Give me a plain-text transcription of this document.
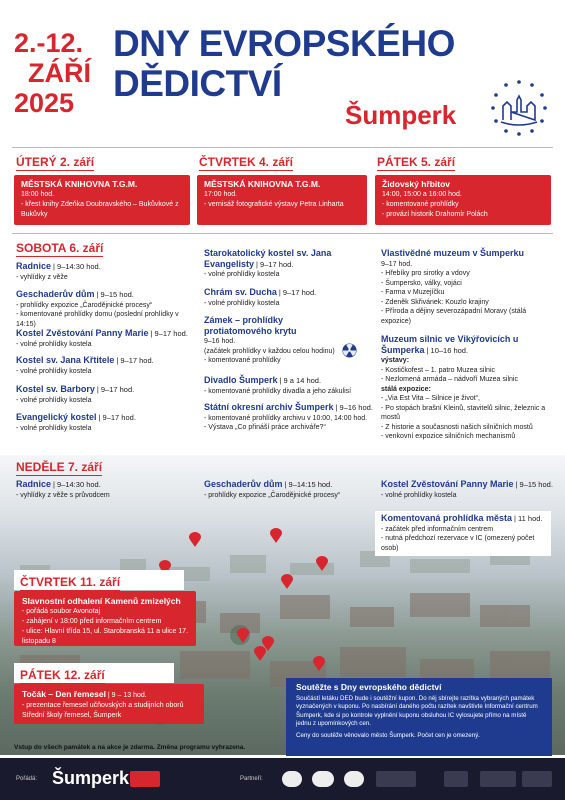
2.-12.
ZÁŘÍ
2025
DNY EVROPSKÉHO
DĚDICTVÍ
Šumperk
ÚTERÝ 2. září
MĚSTSKÁ KNIHOVNA T.G.M.
18:00 hod.
- křest knihy Zdeňka Doubravského – Bukůvkové z Bukůvky
ČTVRTEK 4. září
MĚSTSKÁ KNIHOVNA T.G.M.
17:00 hod.
- vernisáž fotografické výstavy Petra Linharta
PÁTEK 5. září
Židovský hřbitov
14:00, 15:00 a 16:00 hod.
- komentované prohlídky
- provází historik Drahomír Polách
SOBOTA 6. září
Radnice | 9–14:30 hod.
- vyhlídky z věže
Geschaderův dům | 9–15 hod.
- prohlídky expozice „Čarodějnické procesy“
- komentované prohlídky domu (poslední prohlídky v 14:15)
Kostel Zvěstování Panny Marie | 9–17 hod.
- volné prohlídky kostela
Kostel sv. Jana Křtitele | 9–17 hod.
- volné prohlídky kostela
Kostel sv. Barbory | 9–17 hod.
- volné prohlídky kostela
Evangelický kostel | 9–17 hod.
- volné prohlídky kostela
Starokatolický kostel sv. Jana Evangelisty | 9–17 hod.
- volné prohlídky kostela
Chrám sv. Ducha | 9–17 hod.
- volné prohlídky kostela
Zámek – prohlídky protiatomového krytu
9–16 hod.
(začátek prohlídky v každou celou hodinu)
- komentované prohlídky
Divadlo Šumperk | 9 a 14 hod.
- komentované prohlídky divadla a jeho zákulisí
Státní okresní archiv Šumperk | 9–16 hod.
- komentované prohlídky archivu v 10:00, 14:00 hod.
- Výstava „Co přináší práce archiváře?“
Vlastivědné muzeum v Šumperku
9–17 hod.
- Hřebíky pro sirotky a vdovy
- Šumpersko, války, vojáci
- Farma v Muzejíčku
- Zdeněk Skřivánek: Kouzlo krajiny
- Příroda a dějiny severozápadní Moravy (stálá expozice)
Muzeum silnic ve Vikýřovicích u Šumperka | 10–16 hod.
výstavy:
- Kostičkofest – 1. patro Muzea silnic
- Nezlomená armáda – nádvoří Muzea silnic
stálá expozice:
- „Via Est Vita – Silnice je život“,
- Po stopách brašní Kleinů, stavitelů silnic, železnic a mostů
- Z historie a současnosti našich silničních mostů
- venkovní expozice silničních mechanismů
NEDĚLE 7. září
Radnice | 9–14:30 hod.
- vyhlídky z věže s průvodcem
Geschaderův dům | 9–14:15 hod.
- prohlídky expozice „Čarodějnické procesy“
Kostel Zvěstování Panny Marie | 9–15 hod.
- volné prohlídky kostela
Komentovaná prohlídka města | 11 hod.
- začátek před informačním centrem
- nutná předchozí rezervace v IC (omezený počet osob)
ČTVRTEK 11. září
Slavnostní odhalení Kamenů zmizelých
- pořádá soubor Avonotaj
- zahájení v 18:00 před informačním centrem
- ulice: Hlavní třída 15, ul. Starobranská 11 a ulice 17. listopadu 8
PÁTEK 12. září
Točák – Den řemesel | 9 – 13 hod.
- prezentace řemesel učňovských a studijních oborů Střední školy řemesel, Šumperk
Soutěžte s Dny evropského dědictví
Součástí letáku DED bude i soutěžní kupon. Do něj sbírejte razítka vybraných památek vyznačených v kuponu. Po nasbírání daného počtu razítek navštivte Informační centrum Šumperk, kde si po kontrole vyplnění kuponu obsluhou IC vylosujete přímo na místě jednu z upomínkových cen.
Ceny do soutěže věnovalo město Šumperk. Počet cen je omezený.
Vstup do všech památek a na akce je zdarma. Změna programu vyhrazena.
Pořádá: Šumperk	Partneři:
